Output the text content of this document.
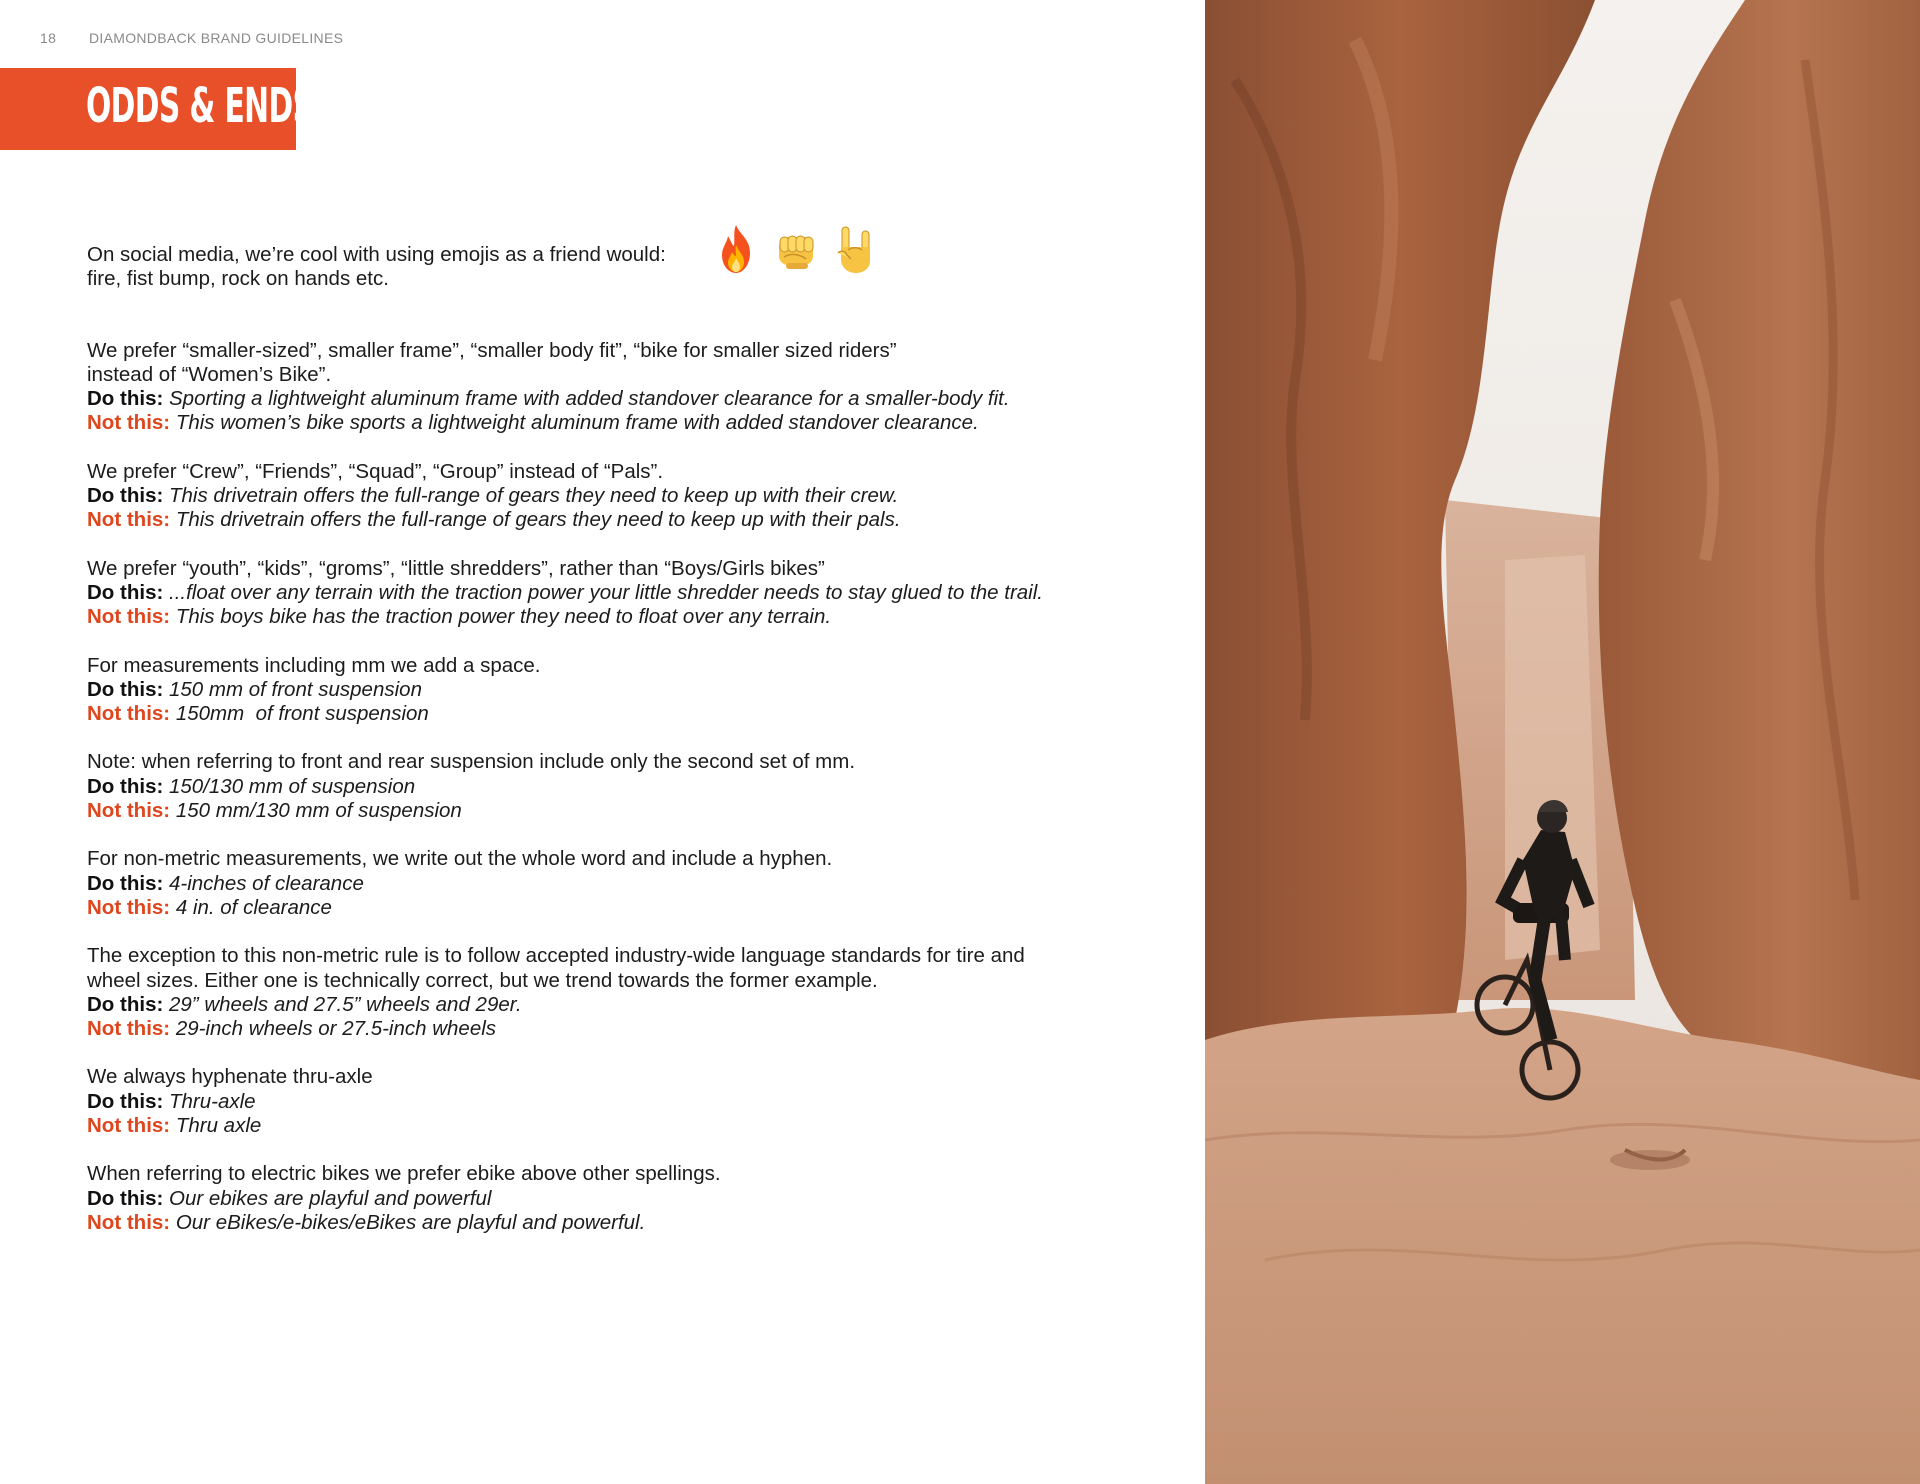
18 DIAMONDBACK BRAND GUIDELINES
ODDS & ENDS

On social media, we’re cool with using emojis as a friend would:

fire, fist bump, rock on hands etc.

We prefer “smaller-sized”, smaller frame”, “smaller body fit”, “bike for smaller sized riders”

instead of “Women’s Bike”.

Do this: Sporting a lightweight aluminum frame with added standover clearance for a smaller-body fit.

Not this: This women’s bike sports a lightweight aluminum frame with added standover clearance.

We prefer “Crew”, “Friends”, “Squad”, “Group” instead of “Pals”.

Do this: This drivetrain offers the full-range of gears they need to keep up with their crew.

Not this: This drivetrain offers the full-range of gears they need to keep up with their pals.

We prefer “youth”, “kids”, “groms”, “little shredders”, rather than “Boys/Girls bikes”

Do this: ...float over any terrain with the traction power your little shredder needs to stay glued to the trail.

Not this: This boys bike has the traction power they need to float over any terrain.

For measurements including mm we add a space.

Do this: 150 mm of front suspension

Not this: 150mm  of front suspension

Note: when referring to front and rear suspension include only the second set of mm.

Do this: 150/130 mm of suspension

Not this: 150 mm/130 mm of suspension

For non-metric measurements, we write out the whole word and include a hyphen.

Do this: 4-inches of clearance

Not this: 4 in. of clearance

The exception to this non-metric rule is to follow accepted industry-wide language standards for tire and

wheel sizes. Either one is technically correct, but we trend towards the former example.

Do this: 29” wheels and 27.5” wheels and 29er.

Not this: 29-inch wheels or 27.5-inch wheels

We always hyphenate thru-axle

Do this: Thru-axle

Not this: Thru axle

When referring to electric bikes we prefer ebike above other spellings.

Do this: Our ebikes are playful and powerful

Not this: Our eBikes/e-bikes/eBikes are playful and powerful.
